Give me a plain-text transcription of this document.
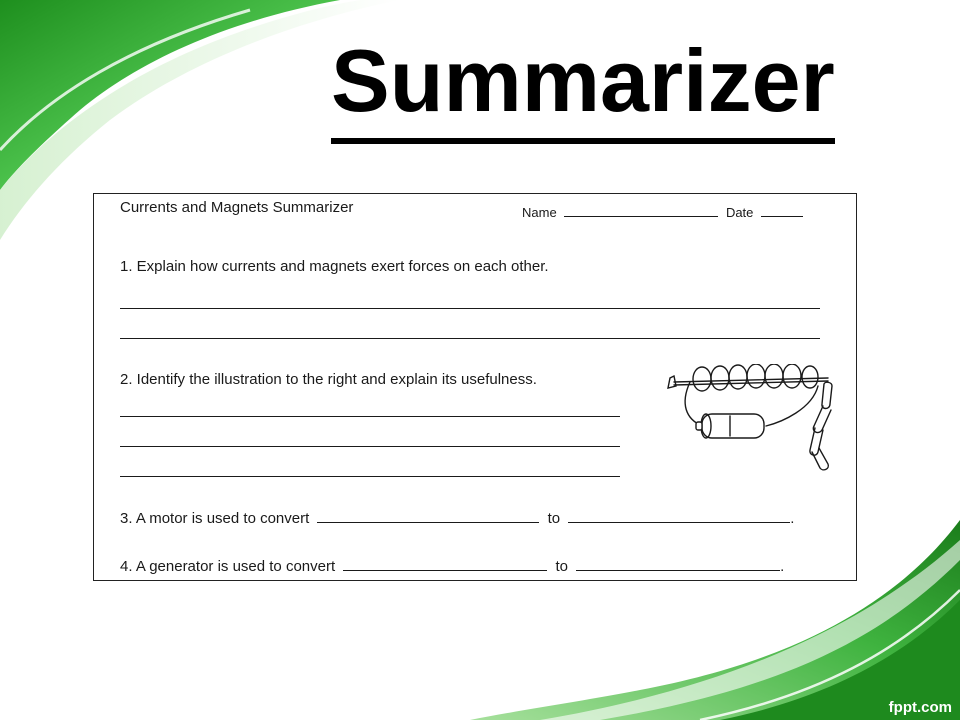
Summarizer
Currents and Magnets Summarizer	Name	Date
1. Explain how currents and magnets exert forces on each other.
2. Identify the illustration to the right and explain its usefulness.
3. A motor is used to convert	to	.
4. A generator is used to convert	to	.
fppt.com
